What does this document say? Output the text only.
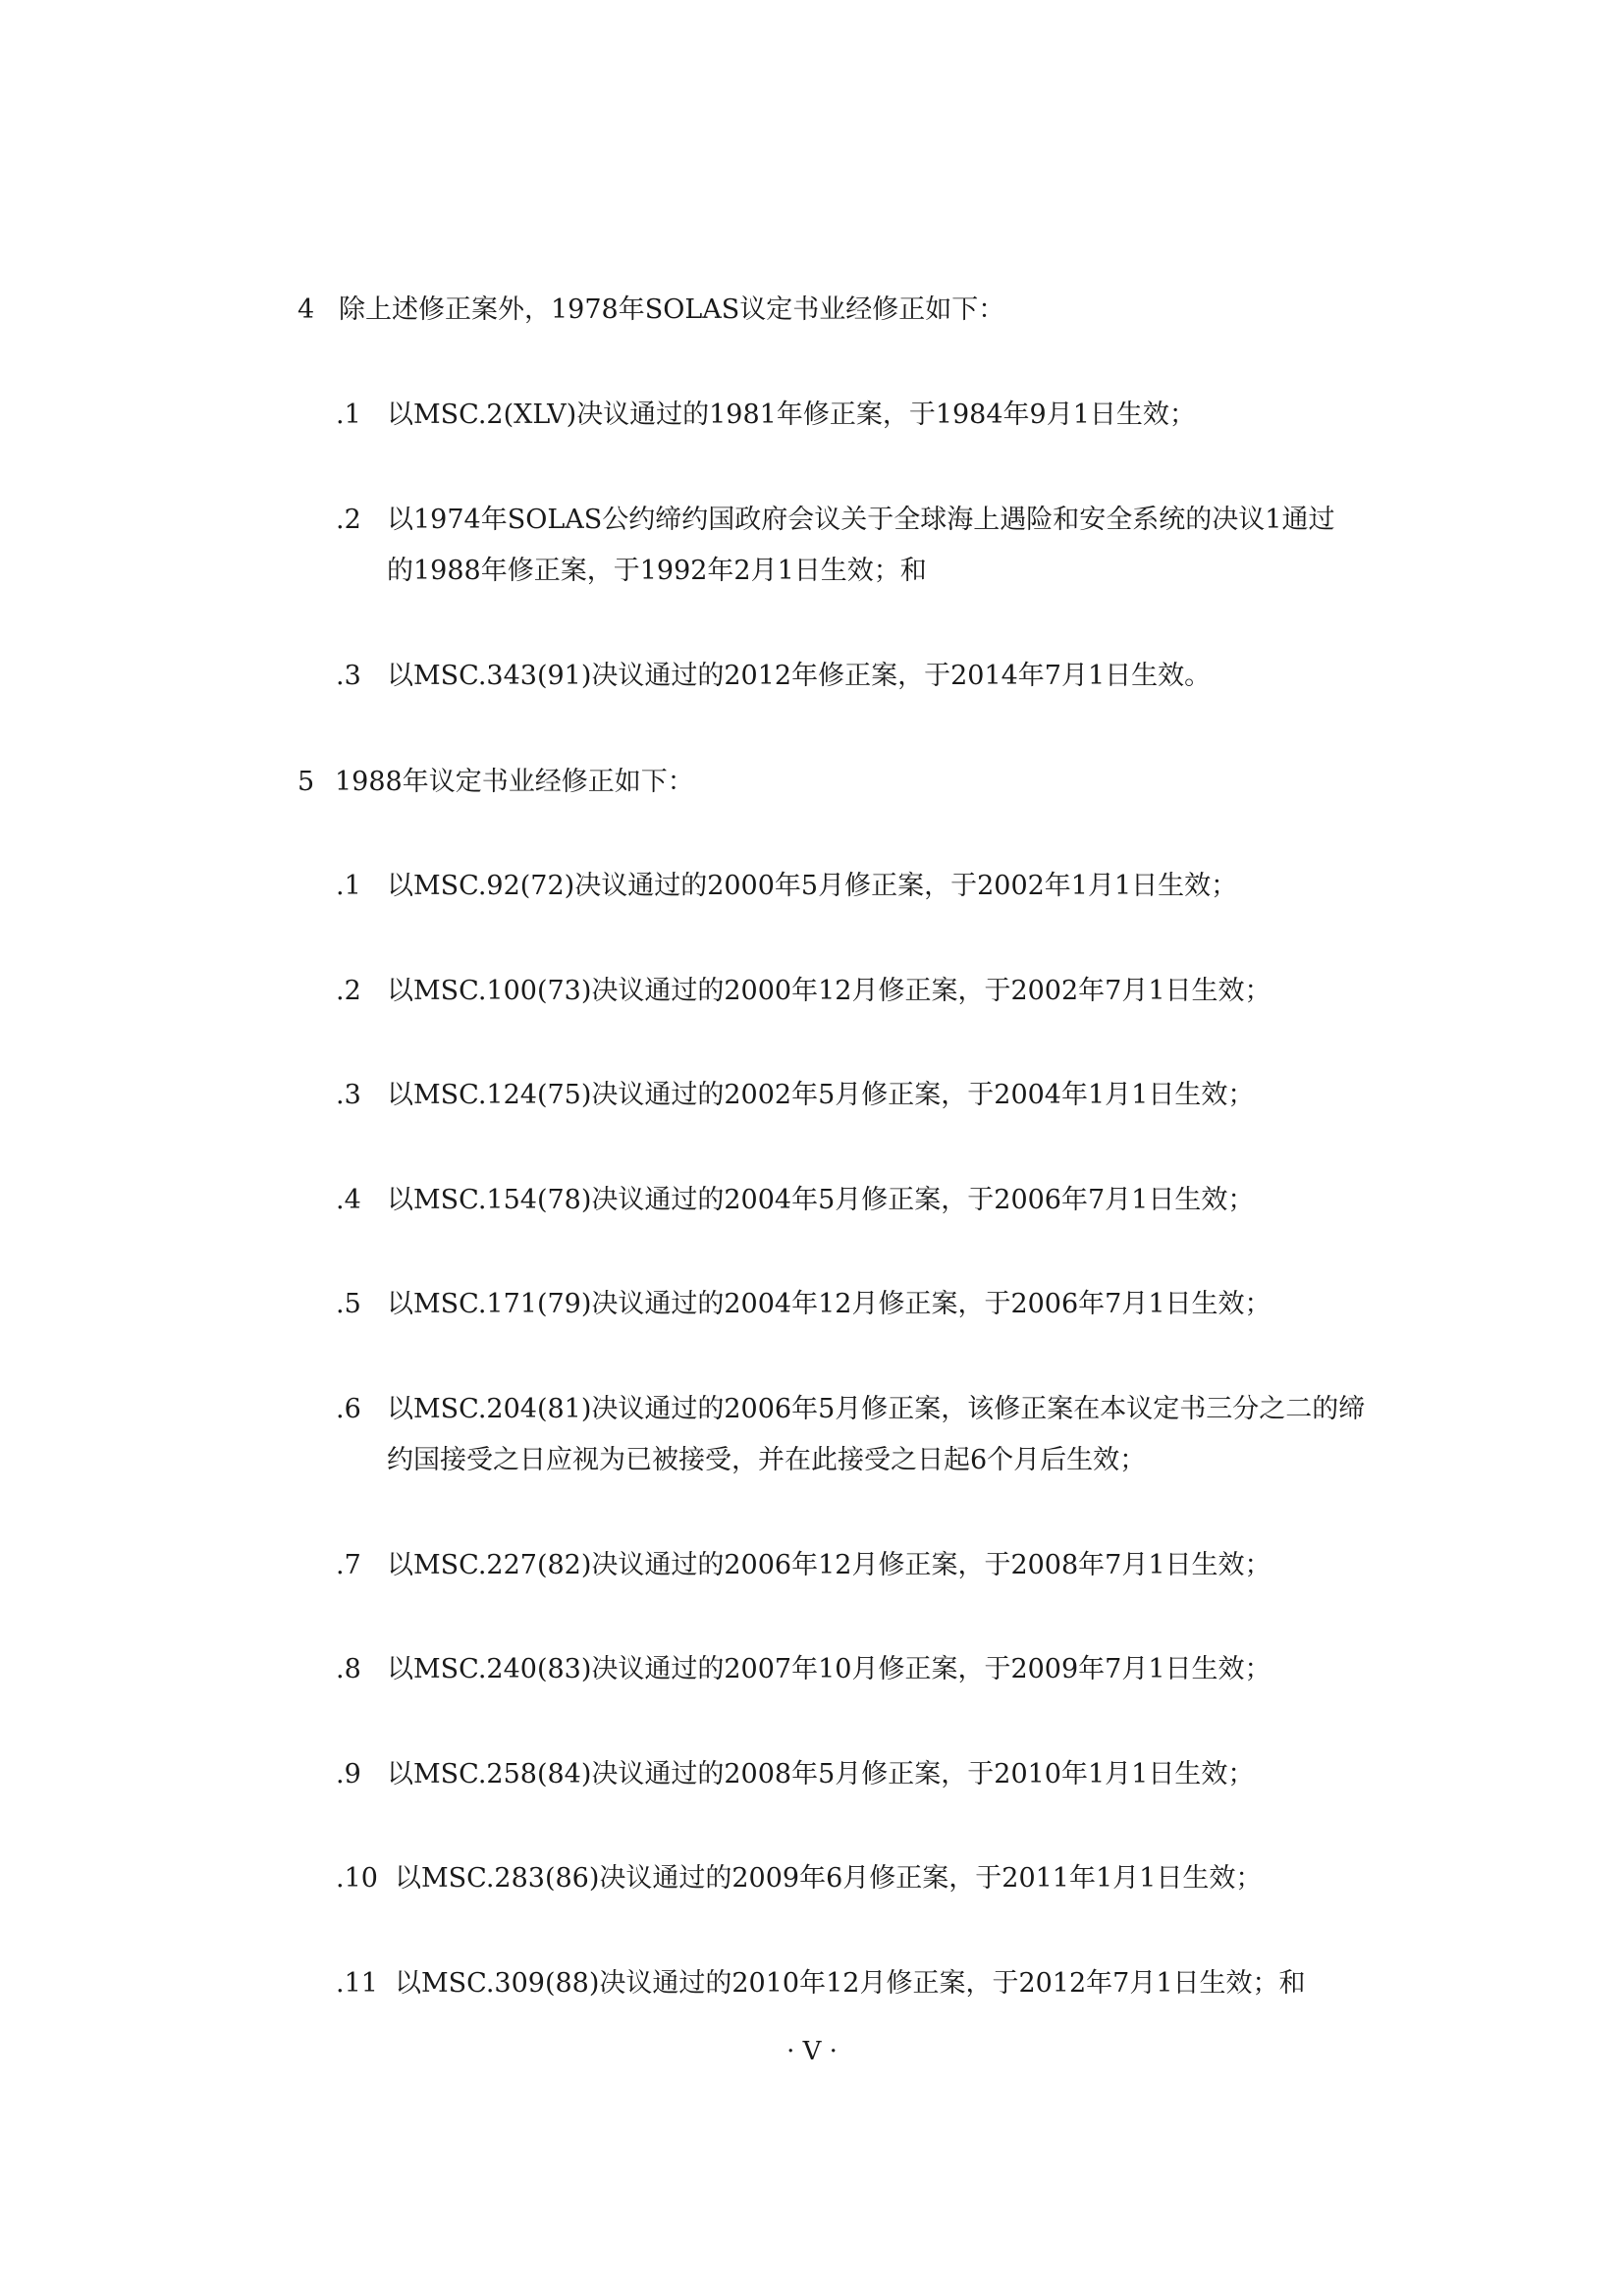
4 除上述修正案外，1978年SOLAS议定书业经修正如下：
.1 以MSC.2(XLV)决议通过的1981年修正案，于1984年9月1日生效；
.2 以1974年SOLAS公约缔约国政府会议关于全球海上遇险和安全系统的决议1通过
的1988年修正案，于1992年2月1日生效；和
.3 以MSC.343(91)决议通过的2012年修正案，于2014年7月1日生效。
5 1988年议定书业经修正如下：
.1 以MSC.92(72)决议通过的2000年5月修正案，于2002年1月1日生效；
.2 以MSC.100(73)决议通过的2000年12月修正案，于2002年7月1日生效；
.3 以MSC.124(75)决议通过的2002年5月修正案，于2004年1月1日生效；
.4 以MSC.154(78)决议通过的2004年5月修正案，于2006年7月1日生效；
.5 以MSC.171(79)决议通过的2004年12月修正案，于2006年7月1日生效；
.6 以MSC.204(81)决议通过的2006年5月修正案，该修正案在本议定书三分之二的缔
约国接受之日应视为已被接受，并在此接受之日起6个月后生效；
.7 以MSC.227(82)决议通过的2006年12月修正案，于2008年7月1日生效；
.8 以MSC.240(83)决议通过的2007年10月修正案，于2009年7月1日生效；
.9 以MSC.258(84)决议通过的2008年5月修正案，于2010年1月1日生效；
.10 以MSC.283(86)决议通过的2009年6月修正案，于2011年1月1日生效；
.11 以MSC.309(88)决议通过的2010年12月修正案，于2012年7月1日生效；和
· V ·
